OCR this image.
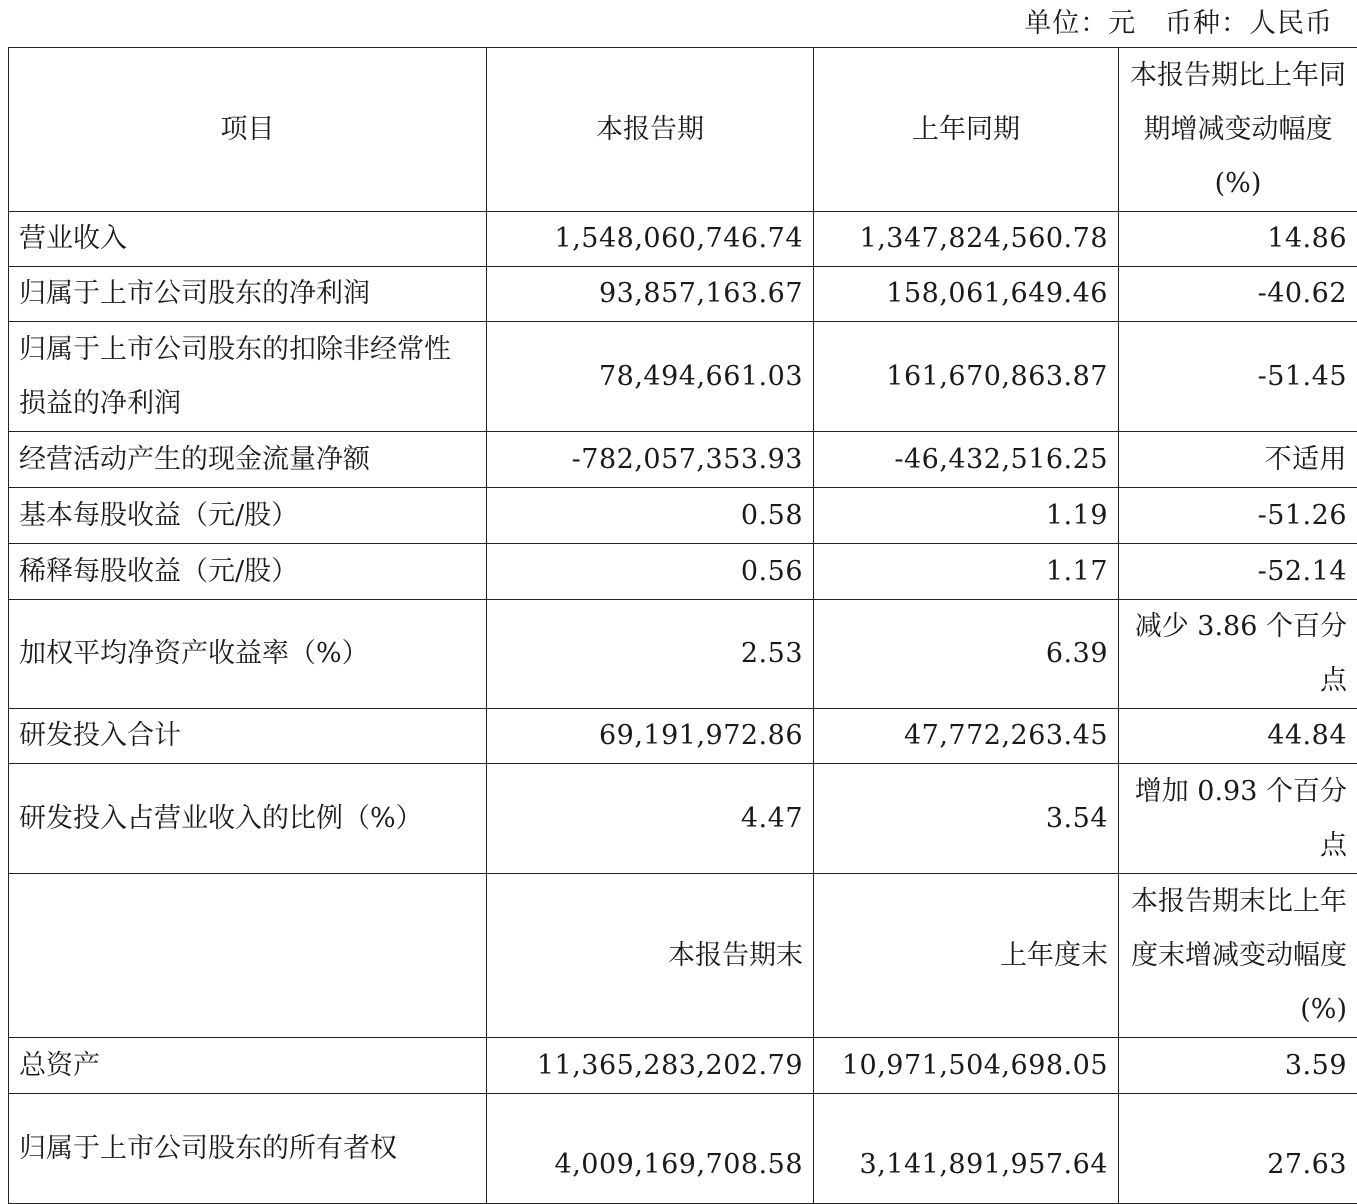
单位：元   币种：人民币
项目	本报告期	上年同期	本报告期比上年同期增减变动幅度(%)
营业收入	1,548,060,746.74	1,347,824,560.78	14.86
归属于上市公司股东的净利润	93,857,163.67	158,061,649.46	-40.62
归属于上市公司股东的扣除非经常性损益的净利润	78,494,661.03	161,670,863.87	-51.45
经营活动产生的现金流量净额	-782,057,353.93	-46,432,516.25	不适用
基本每股收益（元/股）	0.58	1.19	-51.26
稀释每股收益（元/股）	0.56	1.17	-52.14
加权平均净资产收益率（%）	2.53	6.39	减少 3.86 个百分点
研发投入合计	69,191,972.86	47,772,263.45	44.84
研发投入占营业收入的比例（%）	4.47	3.54	增加 0.93 个百分点
	本报告期末	上年度末	本报告期末比上年度末增减变动幅度(%)
总资产	11,365,283,202.79	10,971,504,698.05	3.59
归属于上市公司股东的所有者权	4,009,169,708.58	3,141,891,957.64	27.63
